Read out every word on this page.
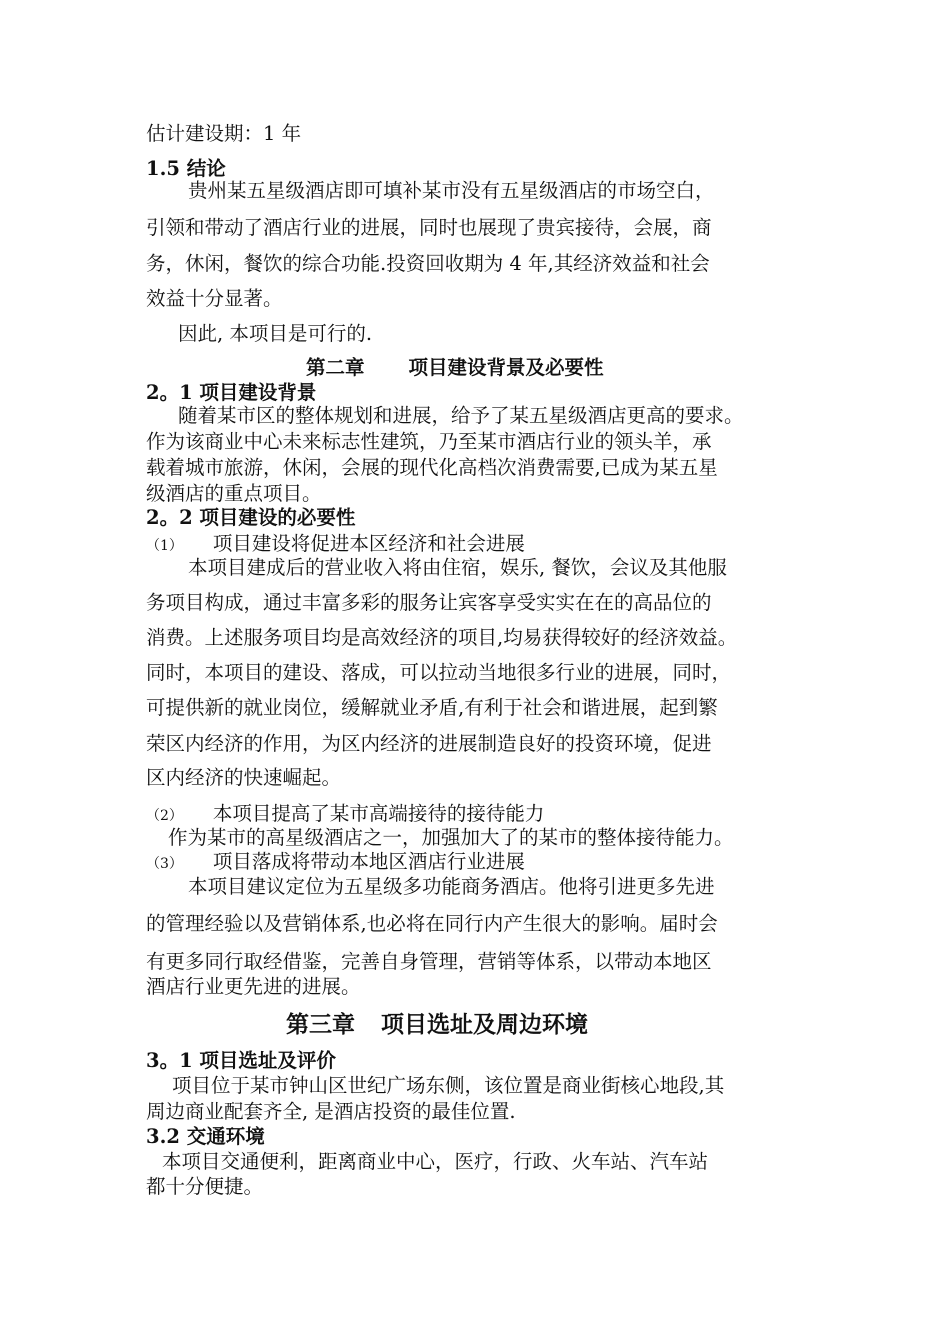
估计建设期：1 年
1.5 结论
贵州某五星级酒店即可填补某市没有五星级酒店的市场空白，
引领和带动了酒店行业的进展，同时也展现了贵宾接待，会展，商
务，休闲，餐饮的综合功能.投资回收期为 4 年,其经济效益和社会
效益十分显著。
因此, 本项目是可行的.
第二章 项目建设背景及必要性
2。1 项目建设背景
随着某市区的整体规划和进展，给予了某五星级酒店更高的要求。
作为该商业中心未来标志性建筑，乃至某市酒店行业的领头羊，承
载着城市旅游，休闲，会展的现代化高档次消费需要,已成为某五星
级酒店的重点项目。
2。2 项目建设的必要性
（1） 项目建设将促进本区经济和社会进展
本项目建成后的营业收入将由住宿，娱乐, 餐饮，会议及其他服
务项目构成，通过丰富多彩的服务让宾客享受实实在在的高品位的
消费。上述服务项目均是高效经济的项目,均易获得较好的经济效益。
同时，本项目的建设、落成，可以拉动当地很多行业的进展，同时，
可提供新的就业岗位，缓解就业矛盾,有利于社会和谐进展，起到繁
荣区内经济的作用，为区内经济的进展制造良好的投资环境，促进
区内经济的快速崛起。
（2） 本项目提高了某市高端接待的接待能力
作为某市的高星级酒店之一，加强加大了的某市的整体接待能力。
（3） 项目落成将带动本地区酒店行业进展
本项目建议定位为五星级多功能商务酒店。他将引进更多先进
的管理经验以及营销体系,也必将在同行内产生很大的影响。届时会
有更多同行取经借鉴，完善自身管理，营销等体系，以带动本地区
酒店行业更先进的进展。
第三章 项目选址及周边环境
3。1 项目选址及评价
项目位于某市钟山区世纪广场东侧，该位置是商业街核心地段,其
周边商业配套齐全, 是酒店投资的最佳位置.
3.2 交通环境
本项目交通便利，距离商业中心，医疗，行政、火车站、汽车站
都十分便捷。
